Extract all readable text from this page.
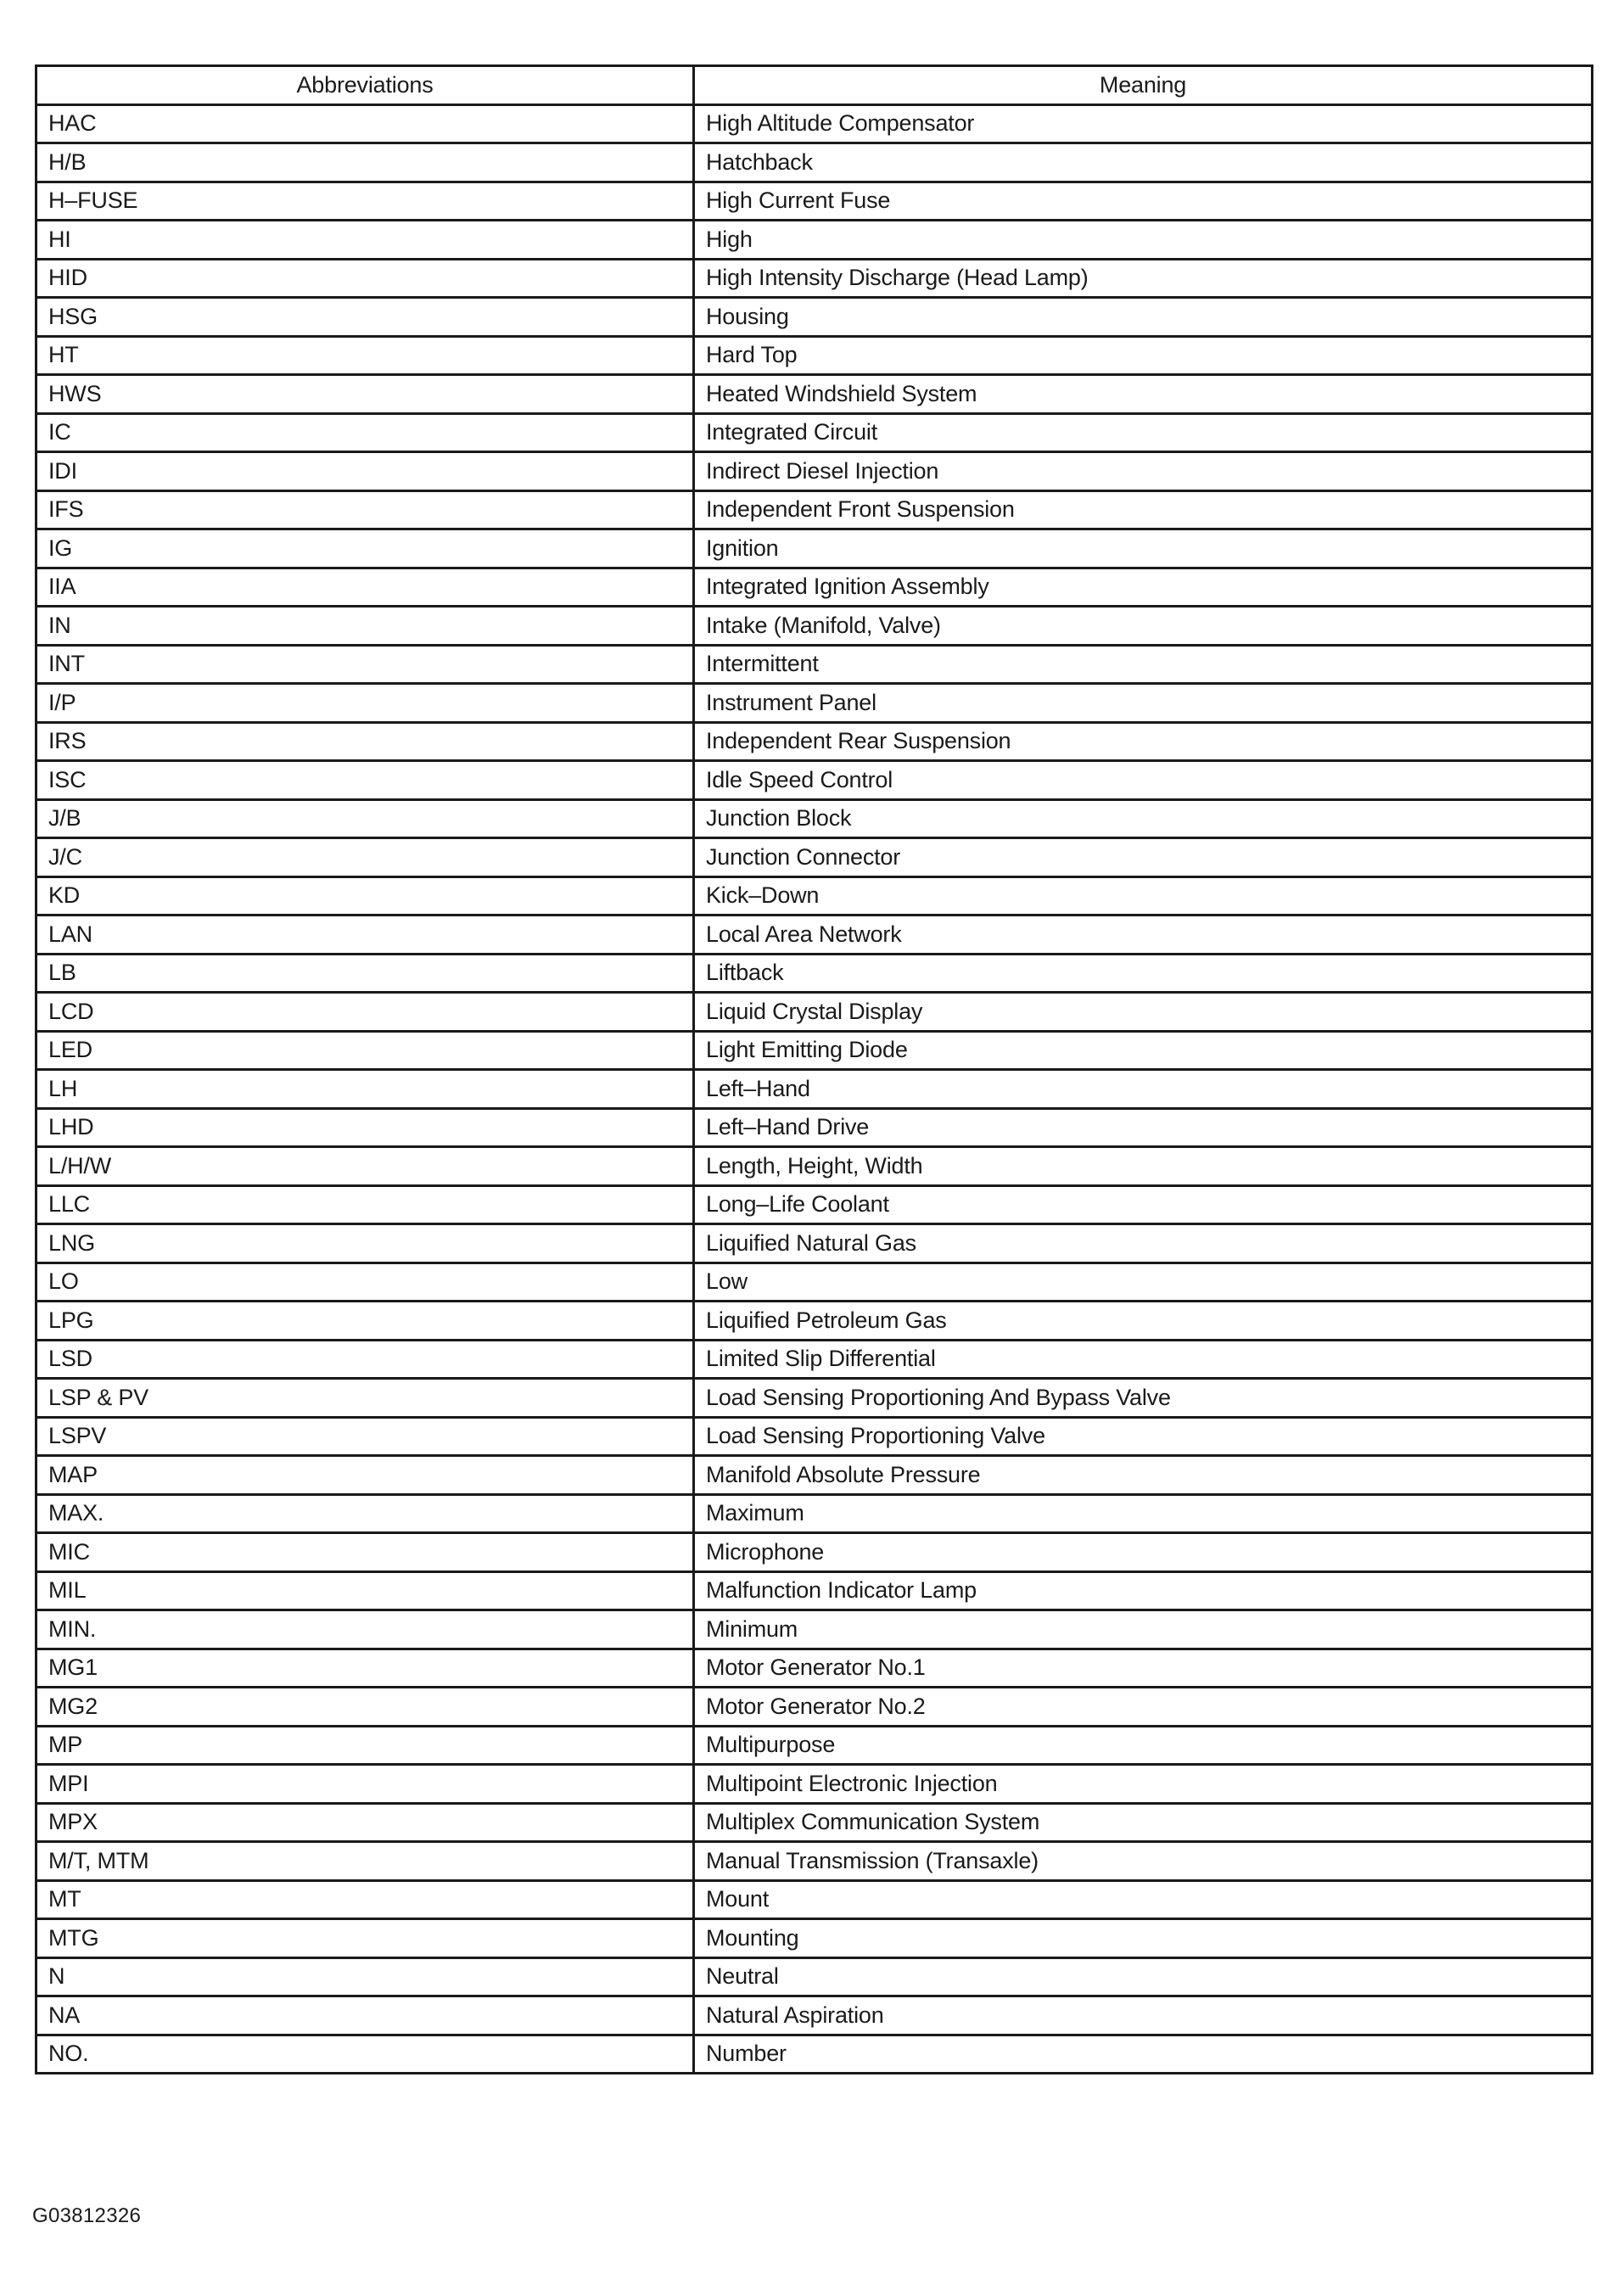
Abbreviations	Meaning
HAC	High Altitude Compensator
H/B	Hatchback
H–FUSE	High Current Fuse
HI	High
HID	High Intensity Discharge (Head Lamp)
HSG	Housing
HT	Hard Top
HWS	Heated Windshield System
IC	Integrated Circuit
IDI	Indirect Diesel Injection
IFS	Independent Front Suspension
IG	Ignition
IIA	Integrated Ignition Assembly
IN	Intake (Manifold, Valve)
INT	Intermittent
I/P	Instrument Panel
IRS	Independent Rear Suspension
ISC	Idle Speed Control
J/B	Junction Block
J/C	Junction Connector
KD	Kick–Down
LAN	Local Area Network
LB	Liftback
LCD	Liquid Crystal Display
LED	Light Emitting Diode
LH	Left–Hand
LHD	Left–Hand Drive
L/H/W	Length, Height, Width
LLC	Long–Life Coolant
LNG	Liquified Natural Gas
LO	Low
LPG	Liquified Petroleum Gas
LSD	Limited Slip Differential
LSP & PV	Load Sensing Proportioning And Bypass Valve
LSPV	Load Sensing Proportioning Valve
MAP	Manifold Absolute Pressure
MAX.	Maximum
MIC	Microphone
MIL	Malfunction Indicator Lamp
MIN.	Minimum
MG1	Motor Generator No.1
MG2	Motor Generator No.2
MP	Multipurpose
MPI	Multipoint Electronic Injection
MPX	Multiplex Communication System
M/T, MTM	Manual Transmission (Transaxle)
MT	Mount
MTG	Mounting
N	Neutral
NA	Natural Aspiration
NO.	Number
G03812326
